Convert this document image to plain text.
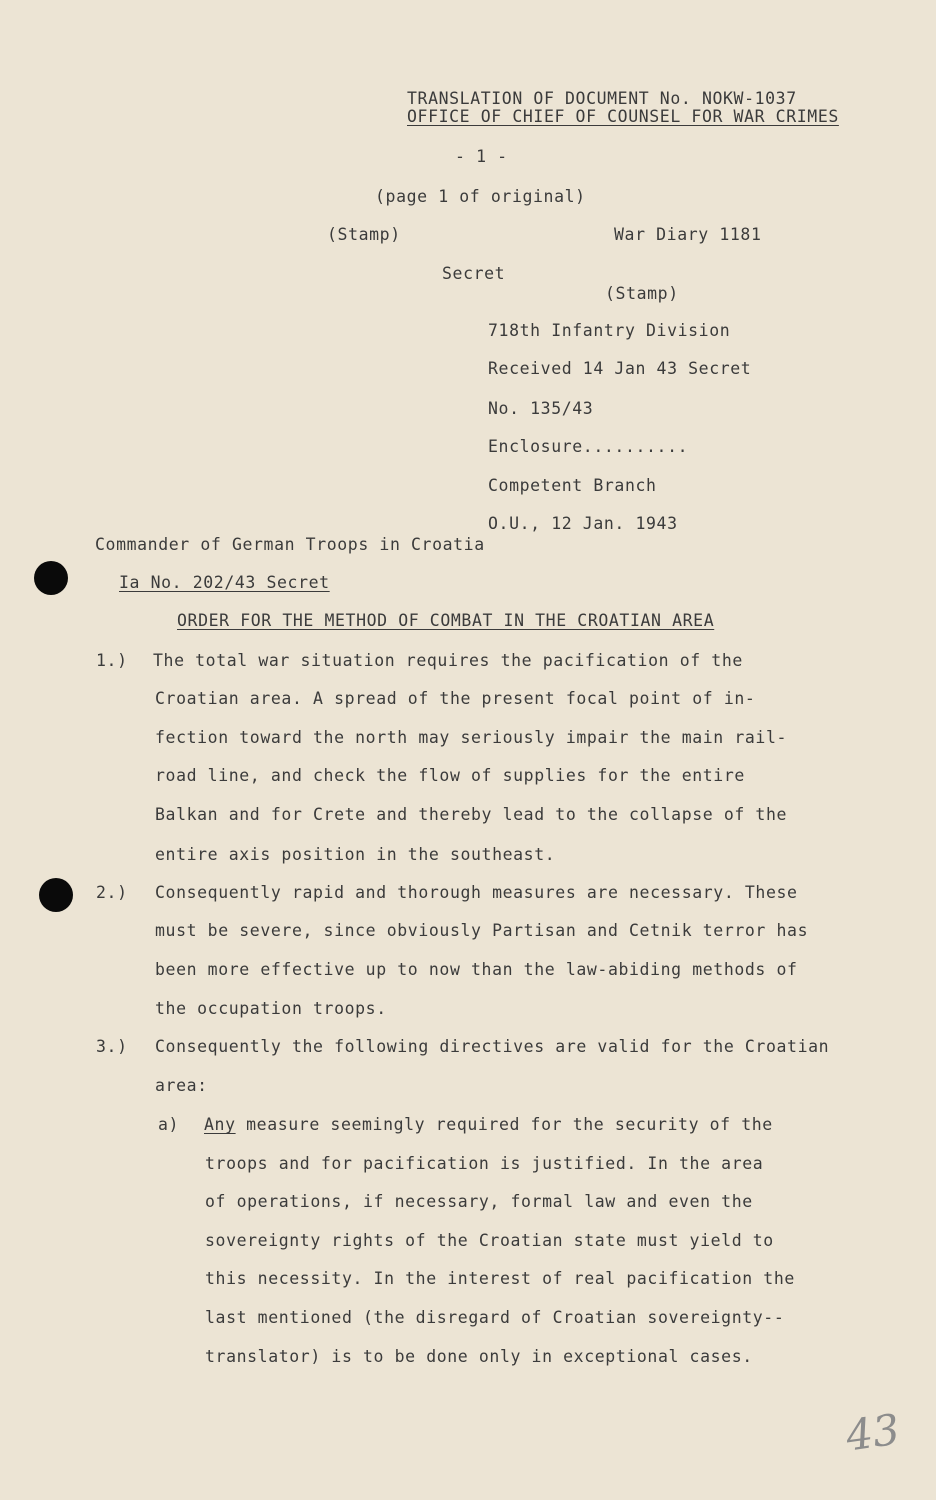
TRANSLATION OF DOCUMENT No. NOKW-1037
OFFICE OF CHIEF OF COUNSEL FOR WAR CRIMES
- 1 -
(page 1 of original)
(Stamp)	War Diary 1181
Secret
(Stamp)
718th Infantry Division
Received 14 Jan 43 Secret
No. 135/43
Enclosure..........
Competent Branch
O.U., 12 Jan. 1943
Commander of German Troops in Croatia
Ia No. 202/43 Secret
ORDER FOR THE METHOD OF COMBAT IN THE CROATIAN AREA
1.) The total war situation requires the pacification of the
Croatian area. A spread of the present focal point of in-
fection toward the north may seriously impair the main rail-
road line, and check the flow of supplies for the entire
Balkan and for Crete and thereby lead to the collapse of the
entire axis position in the southeast.
2.) Consequently rapid and thorough measures are necessary. These
must be severe, since obviously Partisan and Cetnik terror has
been more effective up to now than the law-abiding methods of
the occupation troops.
3.) Consequently the following directives are valid for the Croatian
area:
a) Any measure seemingly required for the security of the
troops and for pacification is justified. In the area
of operations, if necessary, formal law and even the
sovereignty rights of the Croatian state must yield to
this necessity. In the interest of real pacification the
last mentioned (the disregard of Croatian sovereignty--
translator) is to be done only in exceptional cases.
43
